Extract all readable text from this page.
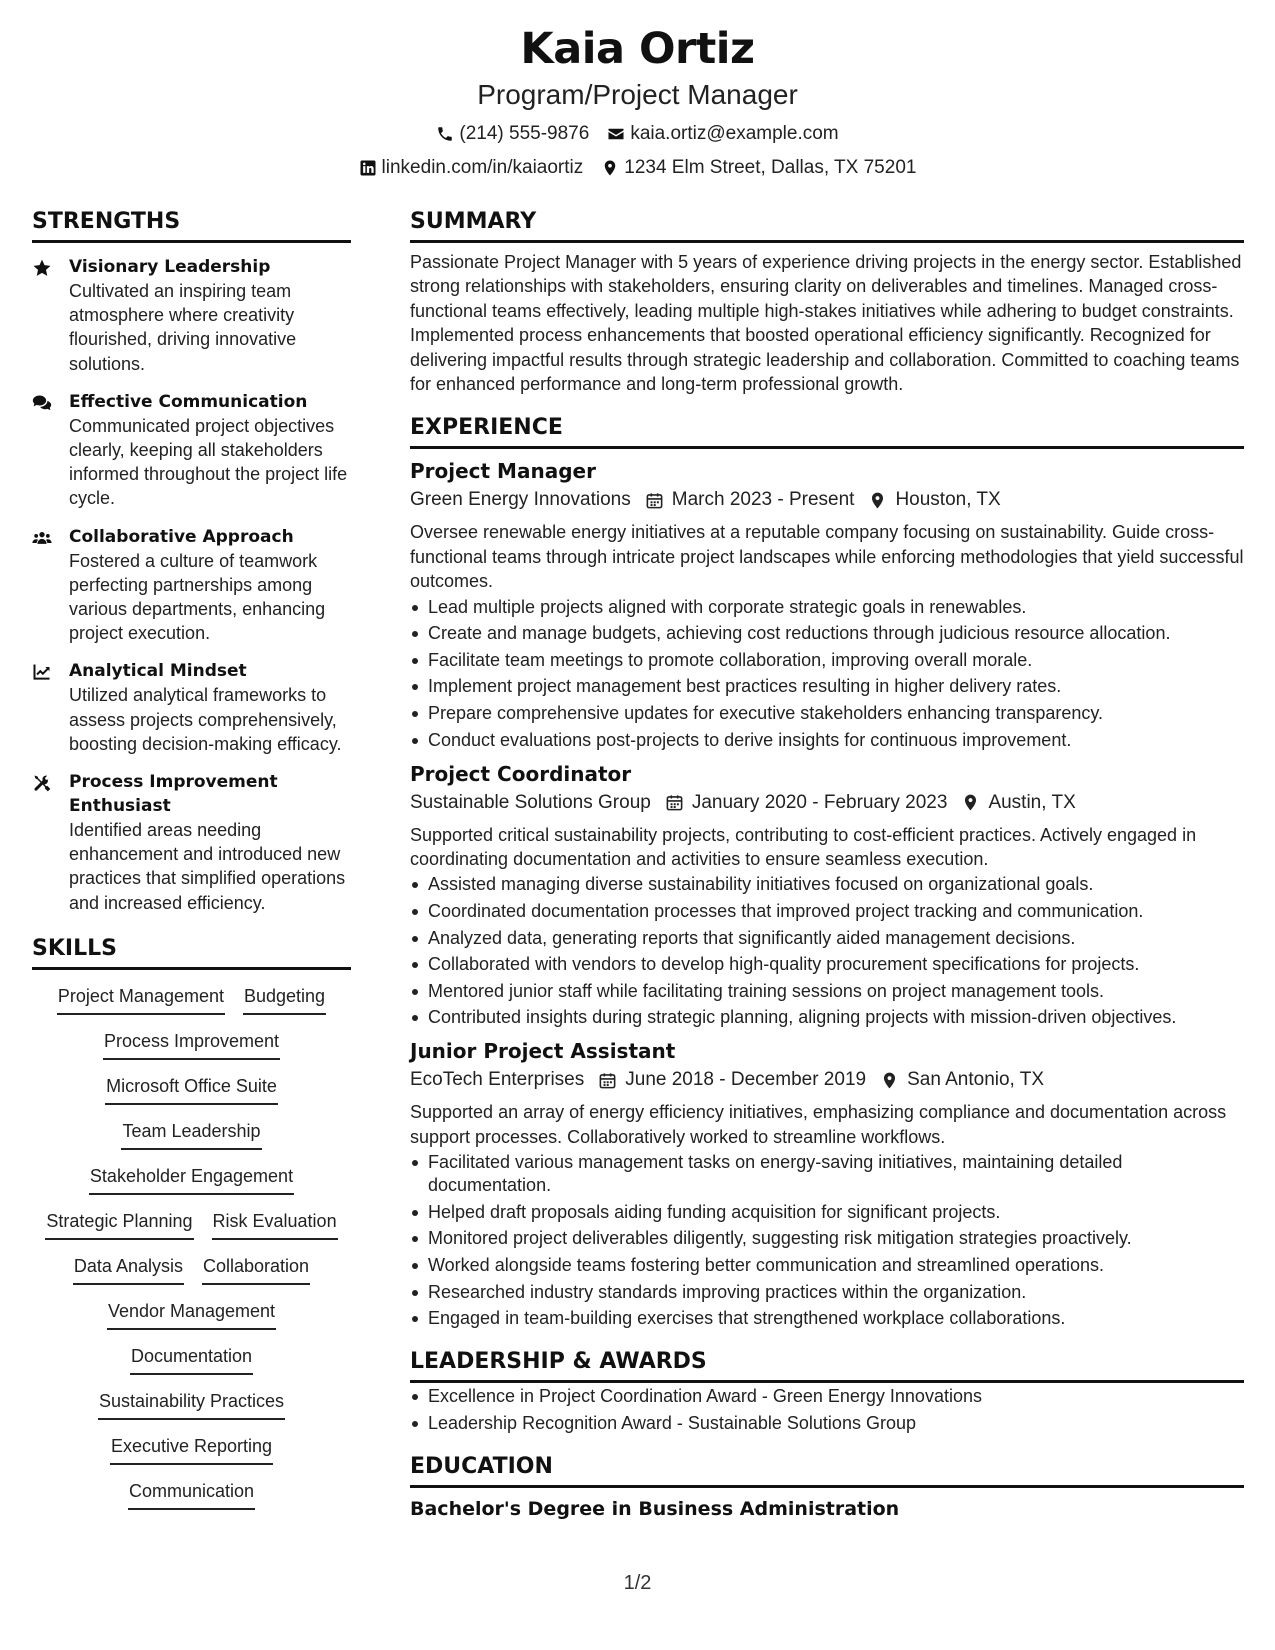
Kaia Ortiz
Program/Project Manager
(214) 555-9876 kaia.ortiz@example.com
linkedin.com/in/kaiaortiz 1234 Elm Street, Dallas, TX 75201
STRENGTHS
Visionary Leadership
Cultivated an inspiring team atmosphere where creativity flourished, driving innovative solutions.
Effective Communication
Communicated project objectives clearly, keeping all stakeholders informed throughout the project life cycle.
Collaborative Approach
Fostered a culture of teamwork perfecting partnerships among various departments, enhancing project execution.
Analytical Mindset
Utilized analytical frameworks to assess projects comprehensively, boosting decision-making efficacy.
Process Improvement Enthusiast
Identified areas needing enhancement and introduced new practices that simplified operations and increased efficiency.
SKILLS
Project Management Budgeting
Process Improvement
Microsoft Office Suite
Team Leadership
Stakeholder Engagement
Strategic Planning Risk Evaluation
Data Analysis Collaboration
Vendor Management
Documentation
Sustainability Practices
Executive Reporting
Communication
SUMMARY
Passionate Project Manager with 5 years of experience driving projects in the energy sector. Established strong relationships with stakeholders, ensuring clarity on deliverables and timelines. Managed cross-functional teams effectively, leading multiple high-stakes initiatives while adhering to budget constraints. Implemented process enhancements that boosted operational efficiency significantly. Recognized for delivering impactful results through strategic leadership and collaboration. Committed to coaching teams for enhanced performance and long-term professional growth.
EXPERIENCE
Project Manager
Green Energy Innovations March 2023 - Present Houston, TX
Oversee renewable energy initiatives at a reputable company focusing on sustainability. Guide cross-functional teams through intricate project landscapes while enforcing methodologies that yield successful outcomes.
Lead multiple projects aligned with corporate strategic goals in renewables.
Create and manage budgets, achieving cost reductions through judicious resource allocation.
Facilitate team meetings to promote collaboration, improving overall morale.
Implement project management best practices resulting in higher delivery rates.
Prepare comprehensive updates for executive stakeholders enhancing transparency.
Conduct evaluations post-projects to derive insights for continuous improvement.
Project Coordinator
Sustainable Solutions Group January 2020 - February 2023 Austin, TX
Supported critical sustainability projects, contributing to cost-efficient practices. Actively engaged in coordinating documentation and activities to ensure seamless execution.
Assisted managing diverse sustainability initiatives focused on organizational goals.
Coordinated documentation processes that improved project tracking and communication.
Analyzed data, generating reports that significantly aided management decisions.
Collaborated with vendors to develop high-quality procurement specifications for projects.
Mentored junior staff while facilitating training sessions on project management tools.
Contributed insights during strategic planning, aligning projects with mission-driven objectives.
Junior Project Assistant
EcoTech Enterprises June 2018 - December 2019 San Antonio, TX
Supported an array of energy efficiency initiatives, emphasizing compliance and documentation across support processes. Collaboratively worked to streamline workflows.
Facilitated various management tasks on energy-saving initiatives, maintaining detailed documentation.
Helped draft proposals aiding funding acquisition for significant projects.
Monitored project deliverables diligently, suggesting risk mitigation strategies proactively.
Worked alongside teams fostering better communication and streamlined operations.
Researched industry standards improving practices within the organization.
Engaged in team-building exercises that strengthened workplace collaborations.
LEADERSHIP & AWARDS
Excellence in Project Coordination Award - Green Energy Innovations
Leadership Recognition Award - Sustainable Solutions Group
EDUCATION
Bachelor's Degree in Business Administration
1/2
